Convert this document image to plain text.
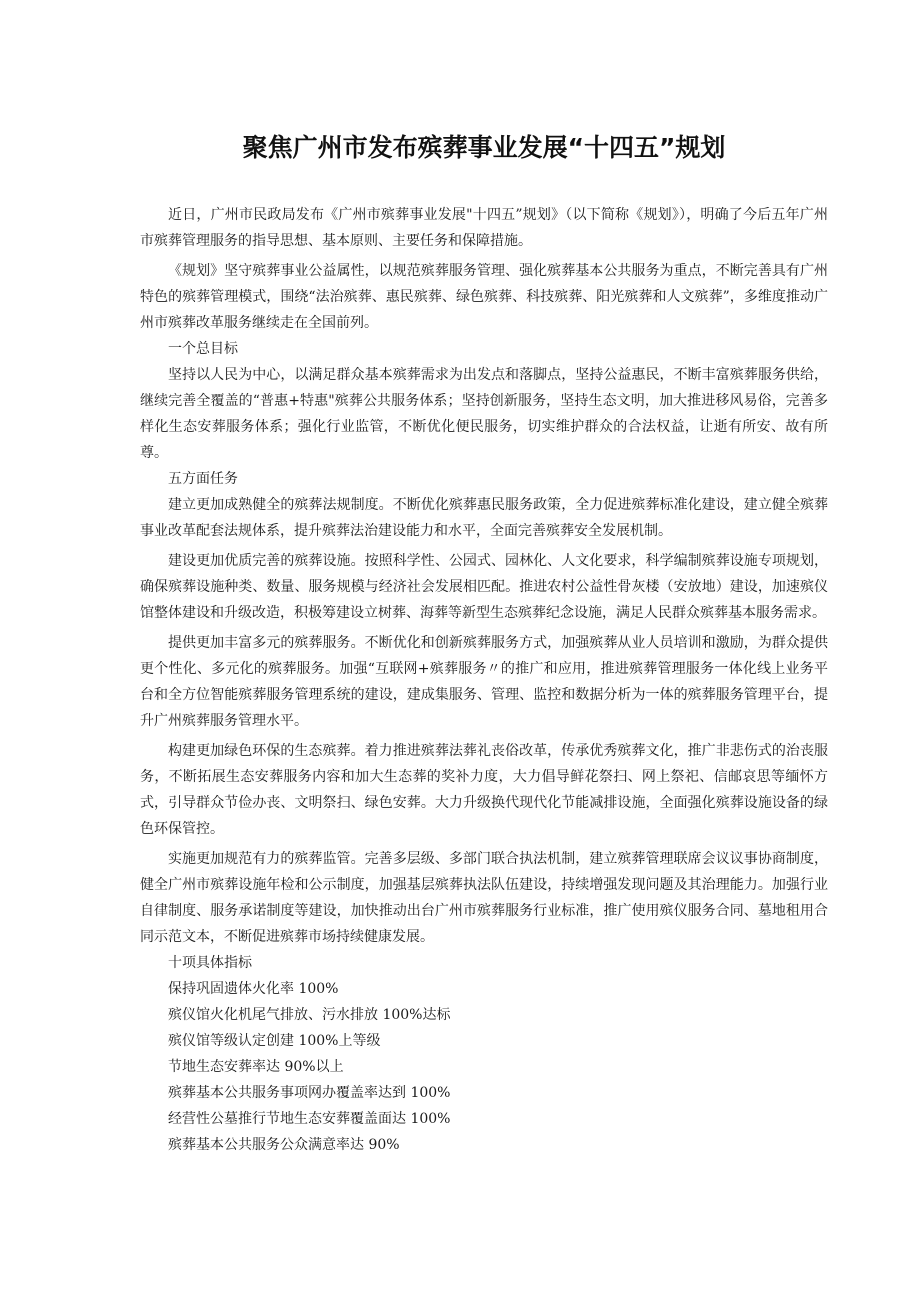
聚焦广州市发布殡葬事业发展“十四五”规划

近日，广州市民政局发布《广州市殡葬事业发展"十四五”规划》（以下简称《规划》），明确了今后五年广州市殡葬管理服务的指导思想、基本原则、主要任务和保障措施。

《规划》坚守殡葬事业公益属性，以规范殡葬服务管理、强化殡葬基本公共服务为重点，不断完善具有广州特色的殡葬管理模式，围绕“法治殡葬、惠民殡葬、绿色殡葬、科技殡葬、阳光殡葬和人文殡葬”，多维度推动广州市殡葬改革服务继续走在全国前列。

一个总目标

坚持以人民为中心，以满足群众基本殡葬需求为出发点和落脚点，坚持公益惠民，不断丰富殡葬服务供给，继续完善全覆盖的“普惠+特惠"殡葬公共服务体系；坚持创新服务，坚持生态文明，加大推进移风易俗，完善多样化生态安葬服务体系；强化行业监管，不断优化便民服务，切实维护群众的合法权益，让逝有所安、故有所尊。

五方面任务

建立更加成熟健全的殡葬法规制度。不断优化殡葬惠民服务政策，全力促进殡葬标准化建设，建立健全殡葬事业改革配套法规体系，提升殡葬法治建设能力和水平，全面完善殡葬安全发展机制。

建设更加优质完善的殡葬设施。按照科学性、公园式、园林化、人文化要求，科学编制殡葬设施专项规划，确保殡葬设施种类、数量、服务规模与经济社会发展相匹配。推进农村公益性骨灰楼（安放地）建设，加速殡仪馆整体建设和升级改造，积极筹建设立树葬、海葬等新型生态殡葬纪念设施，满足人民群众殡葬基本服务需求。

提供更加丰富多元的殡葬服务。不断优化和创新殡葬服务方式，加强殡葬从业人员培训和激励，为群众提供更个性化、多元化的殡葬服务。加强“互联网+殡葬服务〃的推广和应用，推进殡葬管理服务一体化线上业务平台和全方位智能殡葬服务管理系统的建设，建成集服务、管理、监控和数据分析为一体的殡葬服务管理平台，提升广州殡葬服务管理水平。

构建更加绿色环保的生态殡葬。着力推进殡葬法葬礼丧俗改革，传承优秀殡葬文化，推广非悲伤式的治丧服务，不断拓展生态安葬服务内容和加大生态葬的奖补力度，大力倡导鲜花祭扫、网上祭祀、信邮哀思等缅怀方式，引导群众节俭办丧、文明祭扫、绿色安葬。大力升级换代现代化节能减排设施，全面强化殡葬设施设备的绿色环保管控。

实施更加规范有力的殡葬监管。完善多层级、多部门联合执法机制，建立殡葬管理联席会议议事协商制度，健全广州市殡葬设施年检和公示制度，加强基层殡葬执法队伍建设，持续增强发现问题及其治理能力。加强行业自律制度、服务承诺制度等建设，加快推动出台广州市殡葬服务行业标准，推广使用殡仪服务合同、墓地租用合同示范文本，不断促进殡葬市场持续健康发展。

十项具体指标

保持巩固遗体火化率 100%

殡仪馆火化机尾气排放、污水排放 100%达标

殡仪馆等级认定创建 100%上等级

节地生态安葬率达 90%以上

殡葬基本公共服务事项网办覆盖率达到 100%

经营性公墓推行节地生态安葬覆盖面达 100%

殡葬基本公共服务公众满意率达 90%
